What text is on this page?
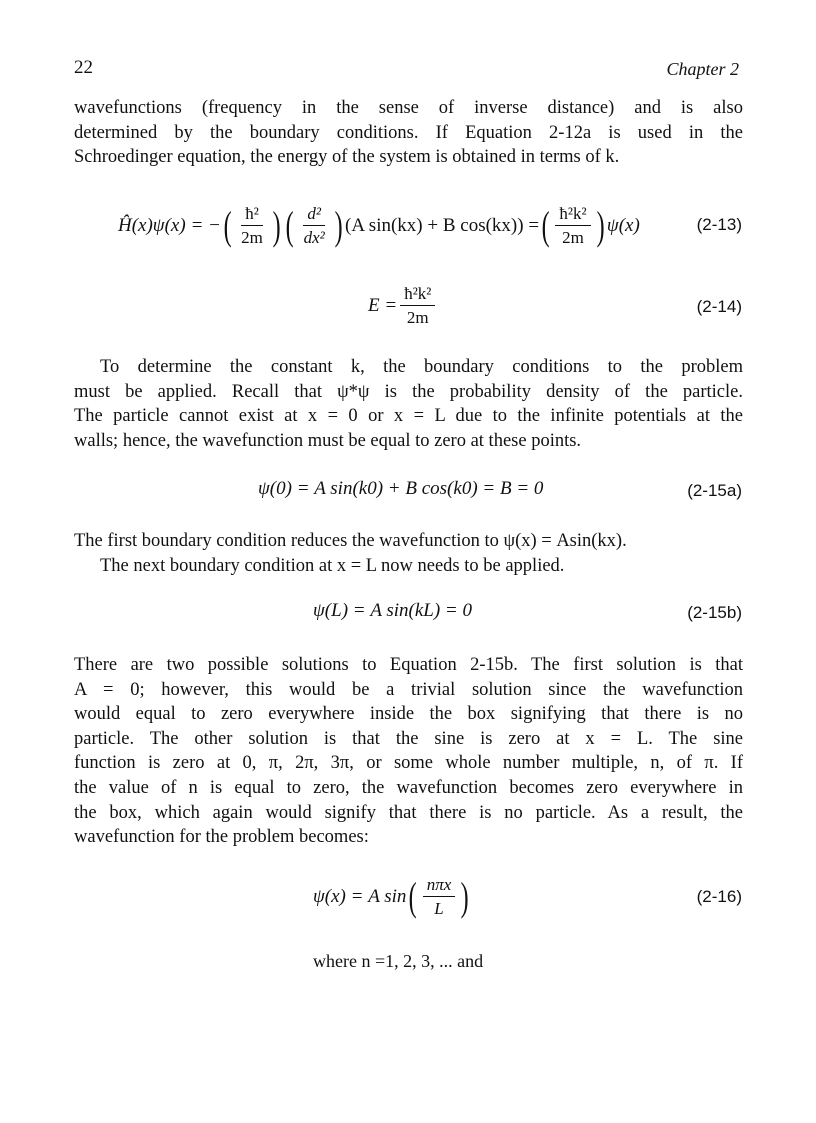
22	Chapter 2
wavefunctions (frequency in the sense of inverse distance) and is also
determined by the boundary conditions. If Equation 2-12a is used in the
Schroedinger equation, the energy of the system is obtained in terms of k.
Ĥ(x)ψ(x) = − ( $\frac{\text{ħ²}}{2m}$ ) ( $\frac{\text{d²}}{\text{dx²}}$ ) (A sin(kx) + B cos(kx)) = ( $\frac{\text{ħ²k²}}{2m}$ ) ψ(x)	(2-13)
$E = \frac{\text{ħ²k²}}{2m}$	(2-14)
To determine the constant k, the boundary conditions to the problem
must be applied. Recall that ψ*ψ is the probability density of the particle.
The particle cannot exist at x = 0 or x = L due to the infinite potentials at the
walls; hence, the wavefunction must be equal to zero at these points.
ψ(0) = A sin(k0) + B cos(k0) = B = 0	(2-15a)
The first boundary condition reduces the wavefunction to ψ(x) = Asin(kx).
The next boundary condition at x = L now needs to be applied.
ψ(L) = A sin(kL) = 0	(2-15b)
There are two possible solutions to Equation 2-15b. The first solution is that
A = 0; however, this would be a trivial solution since the wavefunction
would equal to zero everywhere inside the box signifying that there is no
particle. The other solution is that the sine is zero at x = L. The sine
function is zero at 0, π, 2π, 3π, or some whole number multiple, n, of π. If
the value of n is equal to zero, the wavefunction becomes zero everywhere in
the box, which again would signify that there is no particle. As a result, the
wavefunction for the problem becomes:
ψ(x) = A sin ( $\frac{\text{nπx}}{L}$ )	(2-16)
where n =1, 2, 3, ... and
